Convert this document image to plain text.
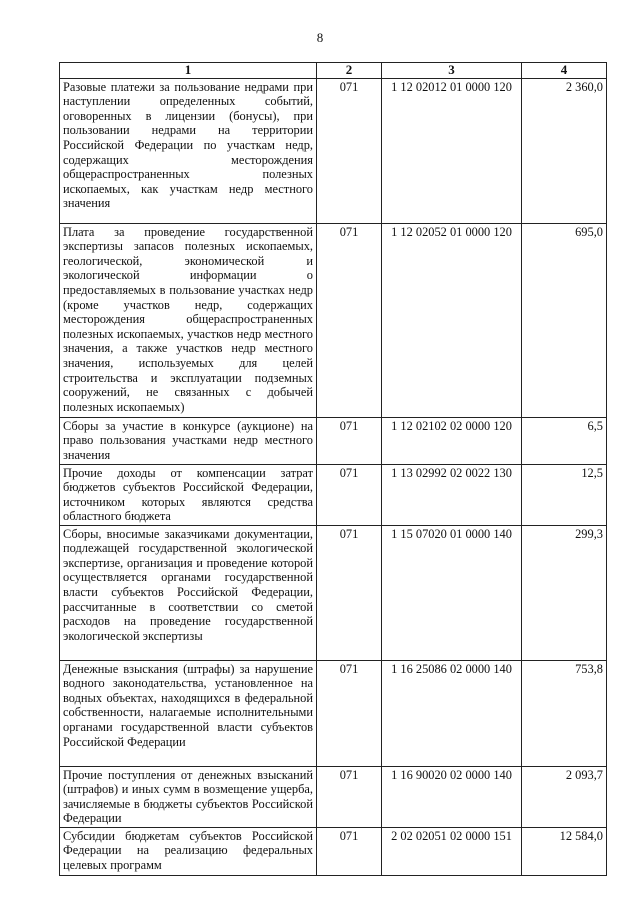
8
1	2	3	4
Разовые платежи за пользование недрами при наступлении определенных событий, оговоренных в лицензии (бонусы), при пользовании недрами на территории Российской Федерации по участкам недр, содержащих месторождения общераспространенных полезных ископаемых, как участкам недр местного значения	071	1 12 02012 01 0000 120	2 360,0
Плата за проведение государственной экспертизы запасов полезных ископаемых, геологической, экономической и экологической информации о предоставляемых в пользование участках недр (кроме участков недр, содержащих месторождения общераспространенных полезных ископаемых, участков недр местного значения, а также участков недр местного значения, используемых для целей строительства и эксплуатации подземных сооружений, не связанных с добычей полезных ископаемых)	071	1 12 02052 01 0000 120	695,0
Сборы за участие в конкурсе (аукционе) на право пользования участками недр местного значения	071	1 12 02102 02 0000 120	6,5
Прочие доходы от компенсации затрат бюджетов субъектов Российской Федерации, источником которых являются средства областного бюджета	071	1 13 02992 02 0022 130	12,5
Сборы, вносимые заказчиками документации, подлежащей государственной экологической экспертизе, организация и проведение которой осуществляется органами государственной власти субъектов Российской Федерации, рассчитанные в соответствии со сметой расходов на проведение государственной экологической экспертизы	071	1 15 07020 01 0000 140	299,3
Денежные взыскания (штрафы) за нарушение водного законодательства, установленное на водных объектах, находящихся в федеральной собственности, налагаемые исполнительными органами государственной власти субъектов Российской Федерации	071	1 16 25086 02 0000 140	753,8
Прочие поступления от денежных взысканий (штрафов) и иных сумм в возмещение ущерба, зачисляемые в бюджеты субъектов Российской Федерации	071	1 16 90020 02 0000 140	2 093,7
Субсидии бюджетам субъектов Российской Федерации на реализацию федеральных целевых программ	071	2 02 02051 02 0000 151	12 584,0
